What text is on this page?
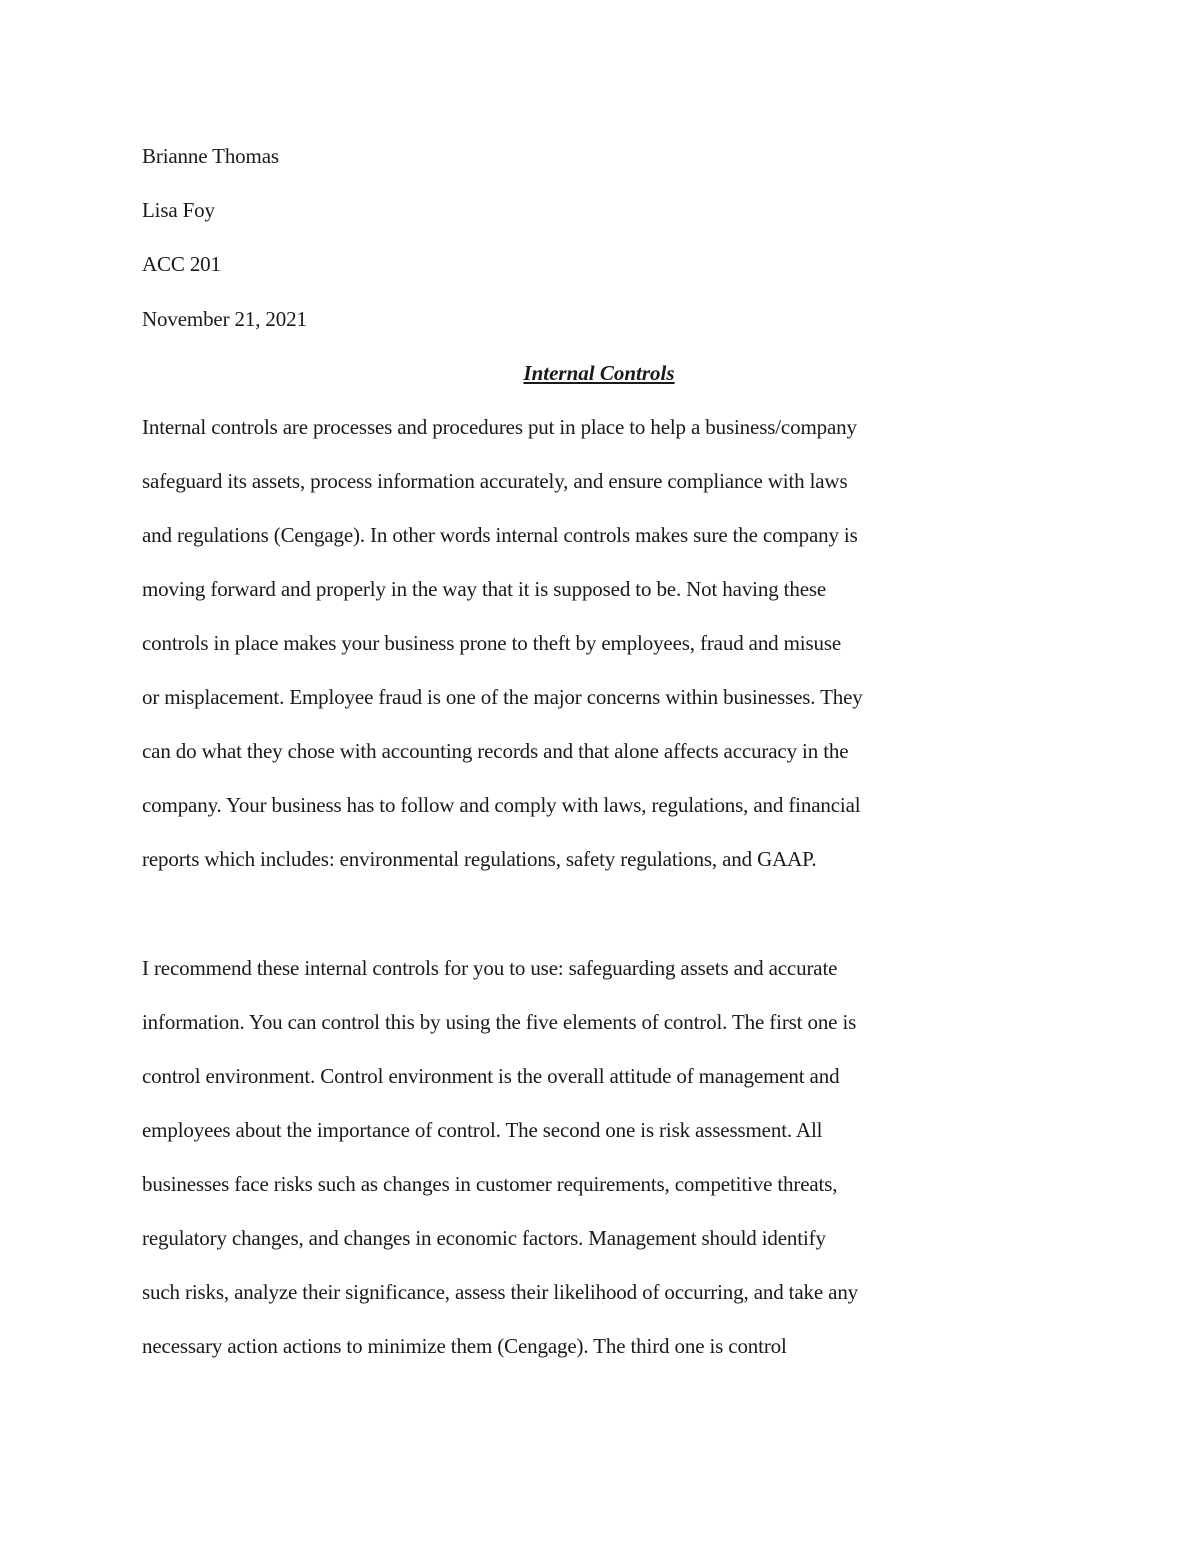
Brianne Thomas
Lisa Foy
ACC 201
November 21, 2021
Internal Controls
Internal controls are processes and procedures put in place to help a business/company
safeguard its assets, process information accurately, and ensure compliance with laws
and regulations (Cengage). In other words internal controls makes sure the company is
moving forward and properly in the way that it is supposed to be. Not having these
controls in place makes your business prone to theft by employees, fraud and misuse
or misplacement. Employee fraud is one of the major concerns within businesses. They
can do what they chose with accounting records and that alone affects accuracy in the
company. Your business has to follow and comply with laws, regulations, and financial
reports which includes: environmental regulations, safety regulations, and GAAP.
I recommend these internal controls for you to use: safeguarding assets and accurate
information. You can control this by using the five elements of control. The first one is
control environment. Control environment is the overall attitude of management and
employees about the importance of control. The second one is risk assessment. All
businesses face risks such as changes in customer requirements, competitive threats,
regulatory changes, and changes in economic factors. Management should identify
such risks, analyze their significance, assess their likelihood of occurring, and take any
necessary action actions to minimize them (Cengage). The third one is control
